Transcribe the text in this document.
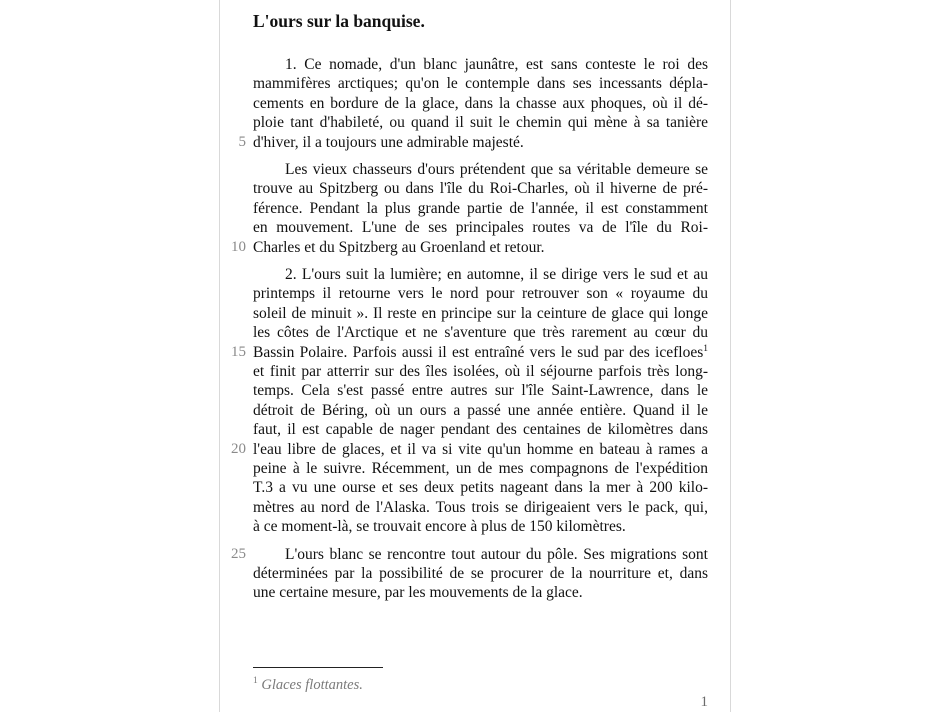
L'ours sur la banquise.
1. Ce nomade, d'un blanc jaunâtre, est sans conteste le roi des
mammifères arctiques; qu'on le contemple dans ses incessants dépla-
cements en bordure de la glace, dans la chasse aux phoques, où il dé-
ploie tant d'habileté, ou quand il suit le chemin qui mène à sa tanière
d'hiver, il a toujours une admirable majesté.
5
Les vieux chasseurs d'ours prétendent que sa véritable demeure se
trouve au Spitzberg ou dans l'île du Roi-Charles, où il hiverne de pré-
férence. Pendant la plus grande partie de l'année, il est constamment
en mouvement. L'une de ses principales routes va de l'île du Roi-
Charles et du Spitzberg au Groenland et retour.
10
2. L'ours suit la lumière; en automne, il se dirige vers le sud et au
printemps il retourne vers le nord pour retrouver son « royaume du
soleil de minuit ». Il reste en principe sur la ceinture de glace qui longe
les côtes de l'Arctique et ne s'aventure que très rarement au cœur du
Bassin Polaire. Parfois aussi il est entraîné vers le sud par des icefloes$^1$
15
et finit par atterrir sur des îles isolées, où il séjourne parfois très long-
temps. Cela s'est passé entre autres sur l'île Saint-Lawrence, dans le
détroit de Béring, où un ours a passé une année entière. Quand il le
faut, il est capable de nager pendant des centaines de kilomètres dans
l'eau libre de glaces, et il va si vite qu'un homme en bateau à rames a
20
peine à le suivre. Récemment, un de mes compagnons de l'expédition
T.3 a vu une ourse et ses deux petits nageant dans la mer à 200 kilo-
mètres au nord de l'Alaska. Tous trois se dirigeaient vers le pack, qui,
à ce moment-là, se trouvait encore à plus de 150 kilomètres.
L'ours blanc se rencontre tout autour du pôle. Ses migrations sont
25
déterminées par la possibilité de se procurer de la nourriture et, dans
une certaine mesure, par les mouvements de la glace.
$^1$ Glaces flottantes.
1
